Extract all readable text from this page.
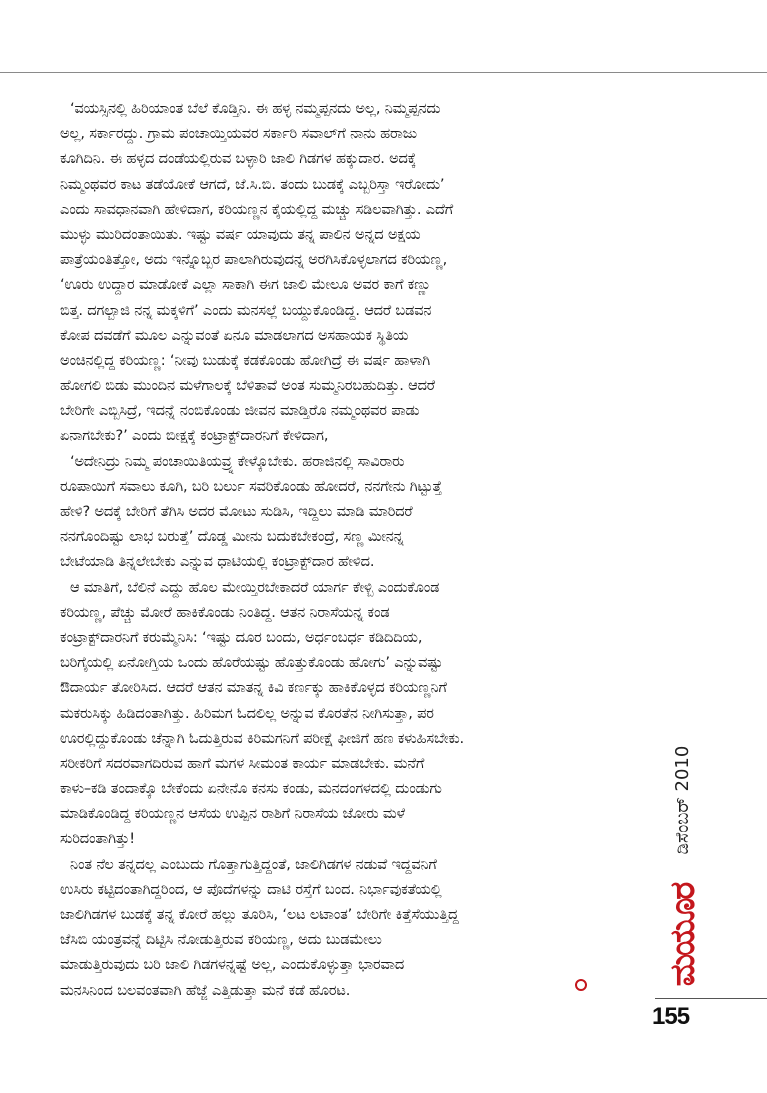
‘ವಯಸ್ಸಿನಲ್ಲಿ ಹಿರಿಯಾಂತ ಬೆಲೆ ಕೊಡ್ತಿನಿ. ಈ ಹಳ್ಳ ನಮ್ಮಪ್ಪನದು ಅಲ್ಲ, ನಿಮ್ಮಪ್ಪನದು
ಅಲ್ಲ, ಸರ್ಕಾರದ್ದು. ಗ್ರಾಮ ಪಂಚಾಯ್ತಿಯವರ ಸರ್ಕಾರಿ ಸವಾಲ್‌ಗೆ ನಾನು ಹರಾಜು
ಕೂಗಿದಿನಿ. ಈ ಹಳ್ಳದ ದಂಡೆಯಲ್ಲಿರುವ ಬಳ್ಳಾರಿ ಜಾಲಿ ಗಿಡಗಳ ಹಕ್ಕುದಾರ. ಅದಕ್ಕೆ
ನಿಮ್ಮಂಥವರ ಕಾಟ ತಡೆಯೋಕೆ ಆಗದೆ, ಜೆ.ಸಿ.ಬಿ. ತಂದು ಬುಡಕ್ಕೆ ಎಬ್ಬರಿಸ್ತಾ ಇರೋದು’
ಎಂದು ಸಾವಧಾನವಾಗಿ ಹೇಳಿದಾಗ, ಕರಿಯಣ್ಣನ ಕೈಯಲ್ಲಿದ್ದ ಮಚ್ಚು ಸಡಿಲವಾಗಿತ್ತು. ಎದೆಗೆ
ಮುಳ್ಳು ಮುರಿದಂತಾಯಿತು. ಇಷ್ಟು ವರ್ಷ ಯಾವುದು ತನ್ನ ಪಾಲಿನ ಅನ್ನದ ಅಕ್ಷಯ
ಪಾತ್ರೆಯಂತಿತ್ತೋ, ಅದು ಇನ್ನೊಬ್ಬರ ಪಾಲಾಗಿರುವುದನ್ನ ಅರಗಿಸಿಕೊಳ್ಳಲಾಗದ ಕರಿಯಣ್ಣ,
‘ಊರು ಉದ್ದಾರ ಮಾಡೋಕೆ ಎಲ್ಲಾ ಸಾಕಾಗಿ ಈಗ ಜಾಲಿ ಮೇಲೂ ಅವರ ಕಾಗೆ ಕಣ್ಣು
ಬಿತ್ತ. ದಗಲ್ಬಾಜಿ ನನ್ನ ಮಕ್ಕಳಿಗೆ’ ಎಂದು ಮನಸಲ್ಲೆ ಬಯ್ದುಕೊಂಡಿದ್ದ. ಆದರೆ ಬಡವನ
ಕೋಪ ದವಡೆಗೆ ಮೂಲ ಎನ್ನುವಂತೆ ಏನೂ ಮಾಡಲಾಗದ ಅಸಹಾಯಕ ಸ್ಥಿತಿಯ
ಅಂಚಿನಲ್ಲಿದ್ದ ಕರಿಯಣ್ಣ: ‘ನೀವು ಬುಡುಕ್ಕೆ ಕಡಕೊಂಡು ಹೋಗಿದ್ರೆ ಈ ವರ್ಷ ಹಾಳಾಗಿ
ಹೋಗಲಿ ಬಿಡು ಮುಂದಿನ ಮಳೆಗಾಲಕ್ಕೆ ಬೆಳಿತಾವೆ ಅಂತ ಸುಮ್ಮನಿರಬಹುದಿತ್ತು. ಆದರೆ
ಬೇರಿಗೇ ಎಬ್ಬಿಸಿದ್ರೆ, ಇದನ್ನೆ ನಂಬಿಕೊಂಡು ಜೀವನ ಮಾಡ್ತಿರೊ ನಮ್ಮಂಥವರ ಪಾಡು
ಏನಾಗಬೇಕು?’ ಎಂದು ಬೀಕ್ಷಕ್ಕೆ ಕಂಟ್ರಾಕ್ಟ್‌ದಾರನಿಗೆ ಕೇಳಿದಾಗ,
‘ಅದೇನಿದ್ರು ನಿಮ್ಮ ಪಂಚಾಯಿತಿಯವ್ರ್ನ ಕೇಳ್ಕೊಬೇಕು. ಹರಾಜಿನಲ್ಲಿ ಸಾವಿರಾರು
ರೂಪಾಯಿಗೆ ಸವಾಲು ಕೂಗಿ, ಬರಿ ಬರ್ಲು ಸವರಿಕೊಂಡು ಹೋದರೆ, ನನಗೇನು ಗಿಟ್ಟುತ್ತೆ
ಹೇಳಿ? ಅದಕ್ಕೆ ಬೇರಿಗೆ ತೆಗಿಸಿ ಅದರ ಮೋಟು ಸುಡಿಸಿ, ಇದ್ದಿಲು ಮಾಡಿ ಮಾರಿದರೆ
ನನಗೊಂದಿಷ್ಟು ಲಾಭ ಬರುತ್ತೆ’ ದೊಡ್ಡ ಮೀನು ಬದುಕಬೇಕಂದ್ರೆ, ಸಣ್ಣ ಮೀನನ್ನ
ಬೇಟೆಯಾಡಿ ತಿನ್ನಲೇಬೇಕು ಎನ್ನುವ ಧಾಟಿಯಲ್ಲಿ ಕಂಟ್ರಾಕ್ಟ್‌ದಾರ ಹೇಳಿದ.
ಆ ಮಾತಿಗೆ, ಬೆಲಿನೆ ಎದ್ದು ಹೊಲ ಮೇಯ್ತಿರಬೇಕಾದರೆ ಯಾರ್ಗ ಕೇಳ್ಬಿ ಎಂದುಕೊಂಡ
ಕರಿಯಣ್ಣ, ಪೆಚ್ಚು ಮೋರೆ ಹಾಕಿಕೊಂಡು ನಿಂತಿದ್ದ. ಆತನ ನಿರಾಸೆಯನ್ನ ಕಂಡ
ಕಂಟ್ರಾಕ್ಟ್‌ದಾರನಿಗೆ ಕರುಮ್ಮೆನಿಸಿ: ‘ಇಷ್ಟು ದೂರ ಬಂದು, ಅರ್ಧಂಬರ್ಧ ಕಡಿದಿದಿಯ,
ಬರಿಗೈಯಲ್ಲಿ ಏನೋಗ್ತಿಯ ಒಂದು ಹೊರೆಯಷ್ಟು ಹೊತ್ತುಕೊಂಡು ಹೋಗು’ ಎನ್ನುವಷ್ಟು
ಔದಾರ್ಯ ತೋರಿಸಿದ. ಆದರೆ ಆತನ ಮಾತನ್ನ ಕಿವಿ ಕರ್ಣಕ್ಕು ಹಾಕಿಕೊಳ್ಳದ ಕರಿಯಣ್ಣನಿಗೆ
ಮಕರುಸಿಕ್ಕು ಹಿಡಿದಂತಾಗಿತ್ತು. ಹಿರಿಮಗ ಓದಲಿಲ್ಲ ಅನ್ನುವ ಕೊರತೆನ ನೀಗಿಸುತ್ತಾ, ಪರ
ಊರಲ್ಲಿದ್ದುಕೊಂಡು ಚೆನ್ನಾಗಿ ಓದುತ್ತಿರುವ ಕಿರಿಮಗನಿಗೆ ಪರೀಕ್ಷೆ ಫೀಜಿಗೆ ಹಣ ಕಳುಹಿಸಬೇಕು.
ಸರೀಕರಿಗೆ ಸದರವಾಗದಿರುವ ಹಾಗೆ ಮಗಳ ಸೀಮಂತ ಕಾರ್ಯ ಮಾಡಬೇಕು. ಮನೆಗೆ
ಕಾಳು–ಕಡಿ ತಂದಾಕ್ಕೊ ಬೇಕೆಂದು ಏನೇನೊ ಕನಸು ಕಂಡು, ಮನದಂಗಳದಲ್ಲಿ ದುಂಡುಗು
ಮಾಡಿಕೊಂಡಿದ್ದ ಕರಿಯಣ್ಣನ ಆಸೆಯ ಉಪ್ಪಿನ ರಾಶಿಗೆ ನಿರಾಸೆಯ ಜೋರು ಮಳೆ
ಸುರಿದಂತಾಗಿತ್ತು!
ನಿಂತ ನೆಲ ತನ್ನದಲ್ಲ ಎಂಬುದು ಗೊತ್ತಾಗುತ್ತಿದ್ದಂತೆ, ಜಾಲಿಗಿಡಗಳ ನಡುವೆ ಇದ್ದವನಿಗೆ
ಉಸಿರು ಕಟ್ಟಿದಂತಾಗಿದ್ದರಿಂದ, ಆ ಪೊದೆಗಳನ್ನು ದಾಟಿ ರಸ್ತೆಗೆ ಬಂದ. ನಿರ್ಭಾವುಕತೆಯಲ್ಲಿ
ಜಾಲಿಗಿಡಗಳ ಬುಡಕ್ಕೆ ತನ್ನ ಕೋರೆ ಹಲ್ಲು ತೂರಿಸಿ, ‘ಲಟ ಲಟಾಂತ’ ಬೇರಿಗೇ ಕಿತ್ತೆಸೆಯುತ್ತಿದ್ದ
ಜೆಸಿಬಿ ಯಂತ್ರವನ್ನೆ ದಿಟ್ಟಿಸಿ ನೋಡುತ್ತಿರುವ ಕರಿಯಣ್ಣ, ಅದು ಬುಡಮೇಲು
ಮಾಡುತ್ತಿರುವುದು ಬರಿ ಜಾಲಿ ಗಿಡಗಳನ್ನಷ್ಟೆ ಅಲ್ಲ, ಎಂದುಕೊಳ್ಳುತ್ತಾ ಭಾರವಾದ
ಮನಸಿನಿಂದ ಬಲವಂತವಾಗಿ ಹೆಜ್ಜೆ ಎತ್ತಿಡುತ್ತಾ ಮನೆ ಕಡೆ ಹೊರಟ.
ಡಿಸೆಂಬರ್ 2010
ಮಯೂರ
155
